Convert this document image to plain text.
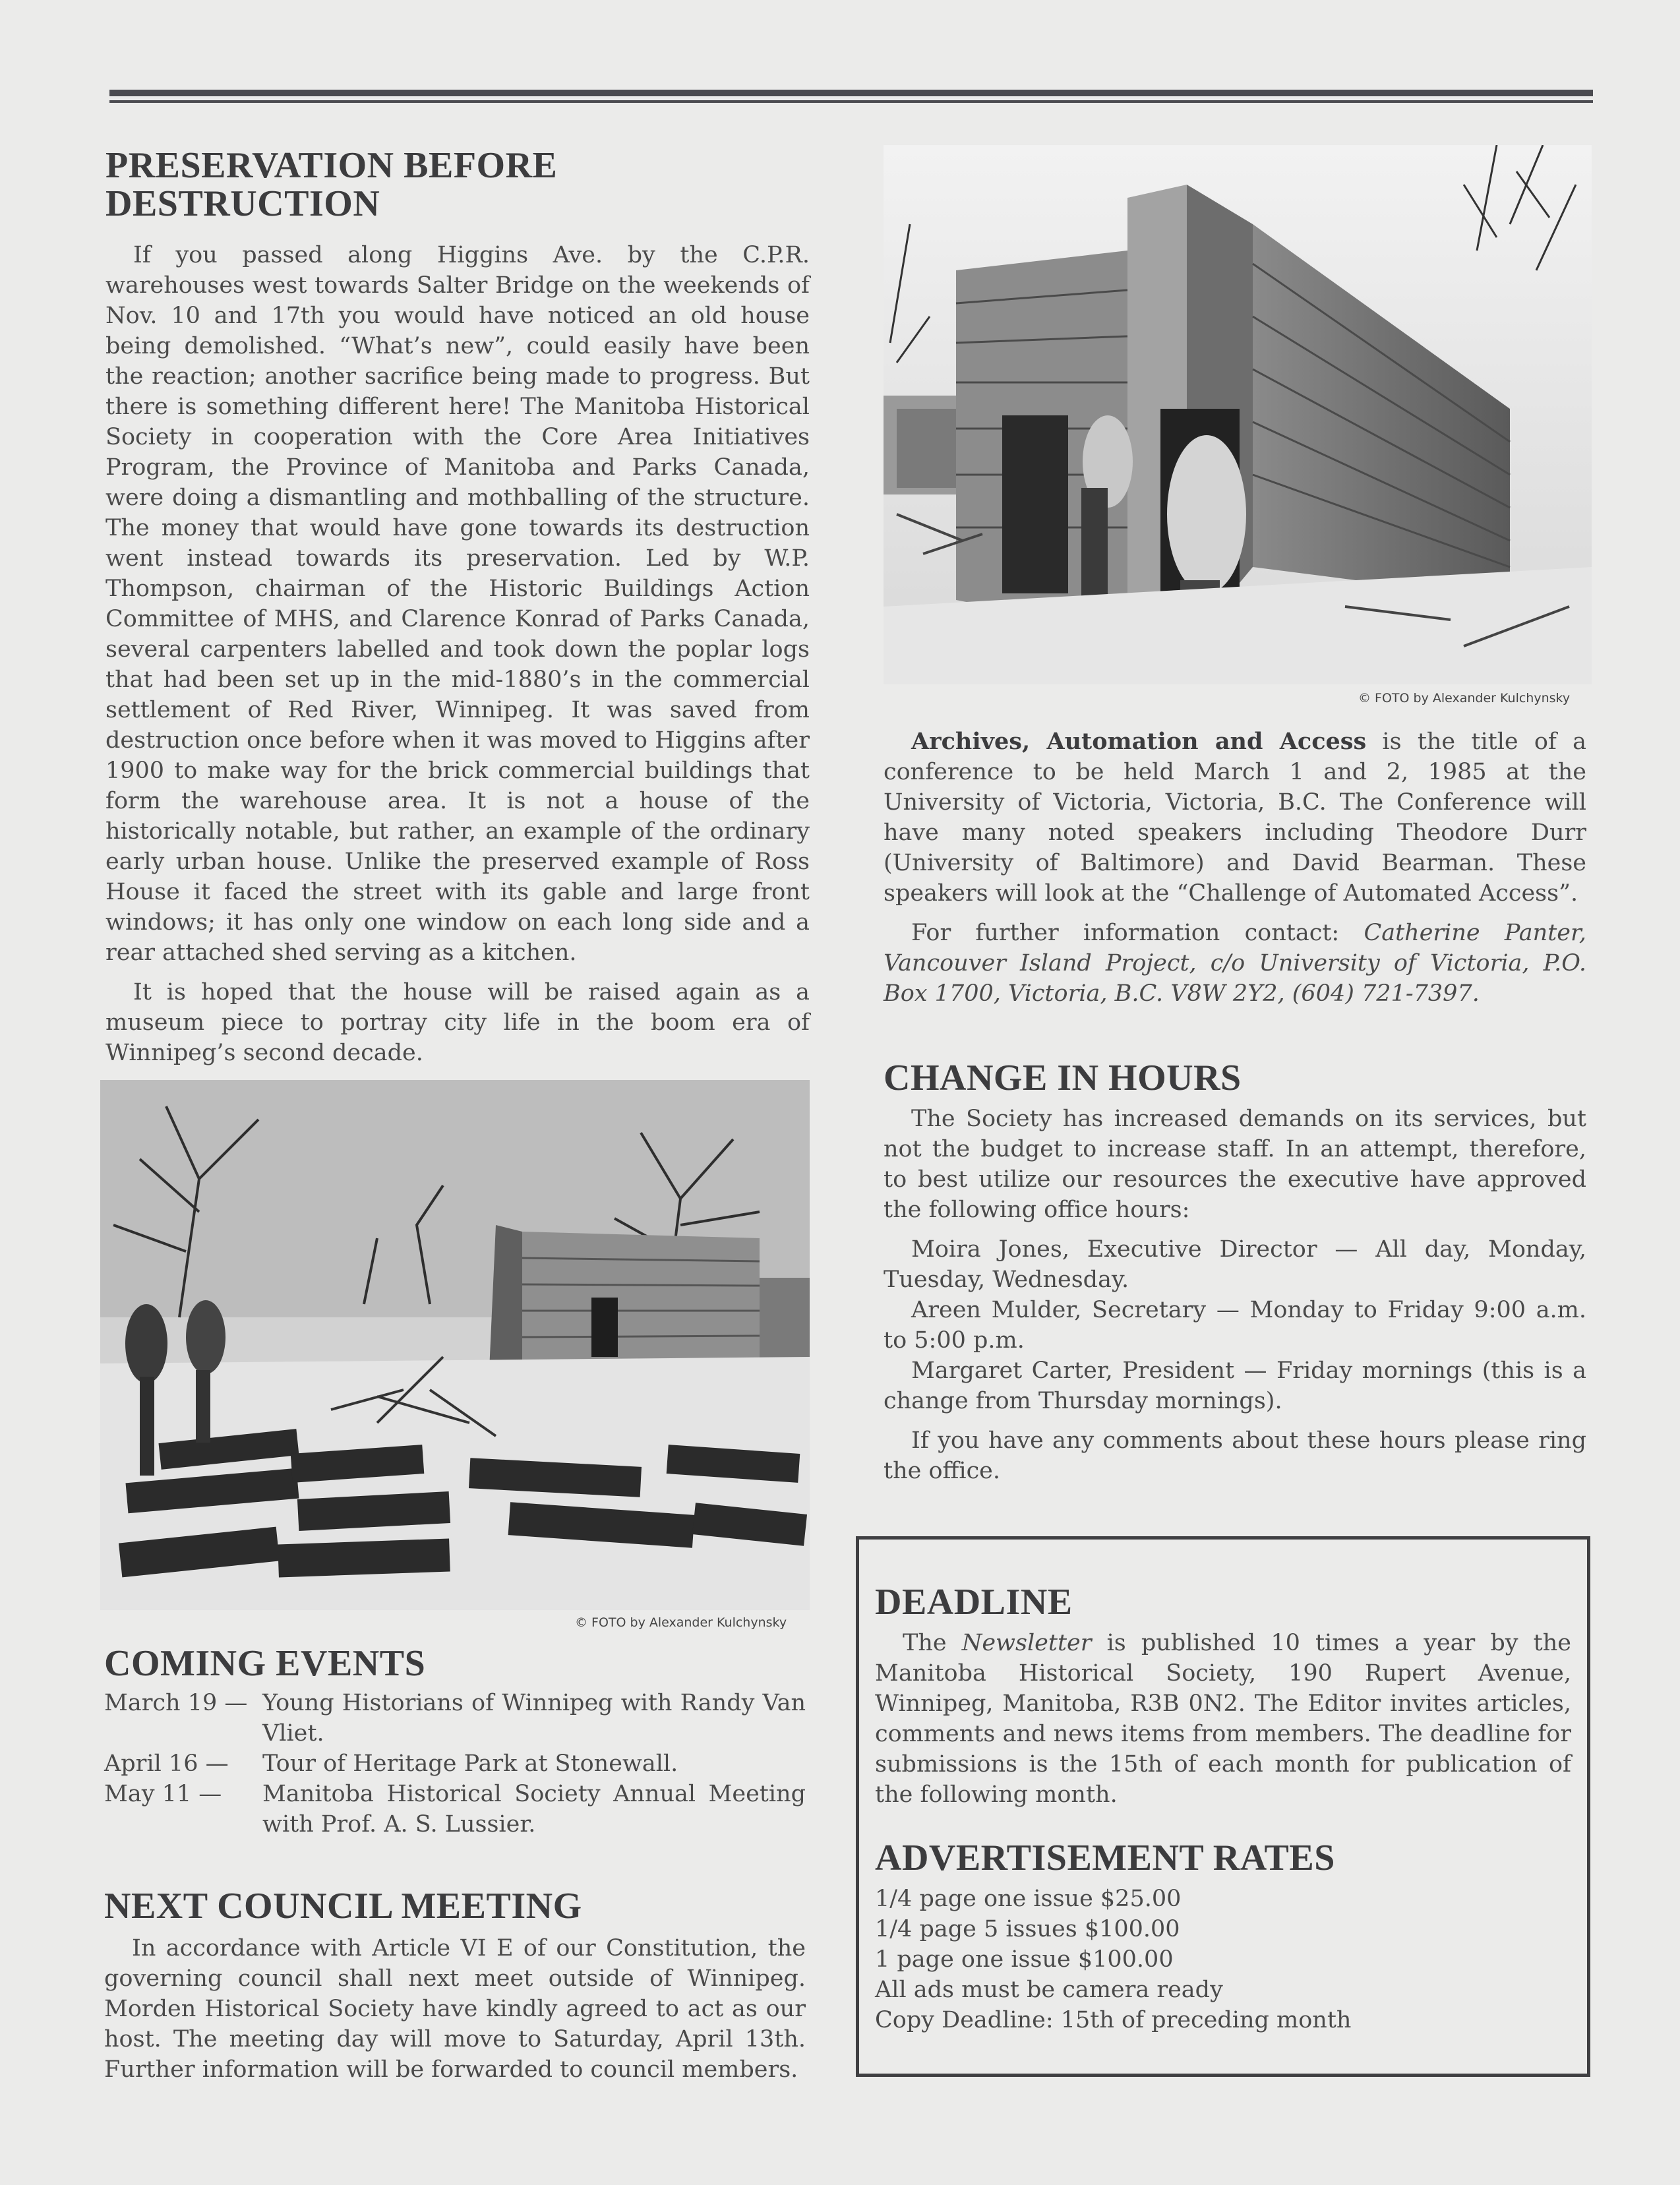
PRESERVATION BEFORE
DESTRUCTION

If you passed along Higgins Ave. by the C.P.R. warehouses west towards Salter Bridge on the weekends of Nov. 10 and 17th you would have noticed an old house being demolished. “What’s new”, could easily have been the reaction; another sacrifice being made to progress. But there is something different here! The Manitoba Historical Society in cooperation with the Core Area Initiatives Program, the Province of Manitoba and Parks Canada, were doing a dismantling and mothballing of the structure. The money that would have gone towards its destruction went instead towards its preservation. Led by W.P. Thompson, chairman of the Historic Buildings Action Committee of MHS, and Clarence Konrad of Parks Canada, several carpenters labelled and took down the poplar logs that had been set up in the mid-1880’s in the commercial settlement of Red River, Winnipeg. It was saved from destruction once before when it was moved to Higgins after 1900 to make way for the brick commercial buildings that form the warehouse area. It is not a house of the historically notable, but rather, an example of the ordinary early urban house. Unlike the preserved example of Ross House it faced the street with its gable and large front windows; it has only one window on each long side and a rear attached shed serving as a kitchen.

It is hoped that the house will be raised again as a museum piece to portray city life in the boom era of Winnipeg’s second decade.

© FOTO by Alexander Kulchynsky

Archives, Automation and Access is the title of a conference to be held March 1 and 2, 1985 at the University of Victoria, Victoria, B.C. The Conference will have many noted speakers including Theodore Durr (University of Baltimore) and David Bearman. These speakers will look at the “Challenge of Automated Access”.

For further information contact: Catherine Panter, Vancouver Island Project, c/o University of Victoria, P.O. Box 1700, Victoria, B.C. V8W 2Y2, (604) 721-7397.

CHANGE IN HOURS

The Society has increased demands on its services, but not the budget to increase staff. In an attempt, therefore, to best utilize our resources the executive have approved the following office hours:

Moira Jones, Executive Director — All day, Monday, Tuesday, Wednesday.

Areen Mulder, Secretary — Monday to Friday 9:00 a.m. to 5:00 p.m.

Margaret Carter, President — Friday mornings (this is a change from Thursday mornings).

If you have any comments about these hours please ring the office.

© FOTO by Alexander Kulchynsky
COMING EVENTS
March 19 — Young Historians of Winnipeg with Randy Van Vliet.
April 16 —	Tour of Heritage Park at Stonewall.
May 11 —	Manitoba Historical Society Annual Meeting with Prof. A. S. Lussier.
NEXT COUNCIL MEETING

In accordance with Article VI E of our Constitution, the governing council shall next meet outside of Winnipeg. Morden Historical Society have kindly agreed to act as our host. The meeting day will move to Saturday, April 13th. Further information will be forwarded to council members.

DEADLINE

The Newsletter is published 10 times a year by the Manitoba Historical Society, 190 Rupert Avenue, Winnipeg, Manitoba, R3B 0N2. The Editor invites articles, comments and news items from members. The deadline for submissions is the 15th of each month for publication of the following month.

ADVERTISEMENT RATES
1/4 page one issue $25.00
1/4 page 5 issues $100.00
1 page one issue $100.00
All ads must be camera ready
Copy Deadline: 15th of preceding month
